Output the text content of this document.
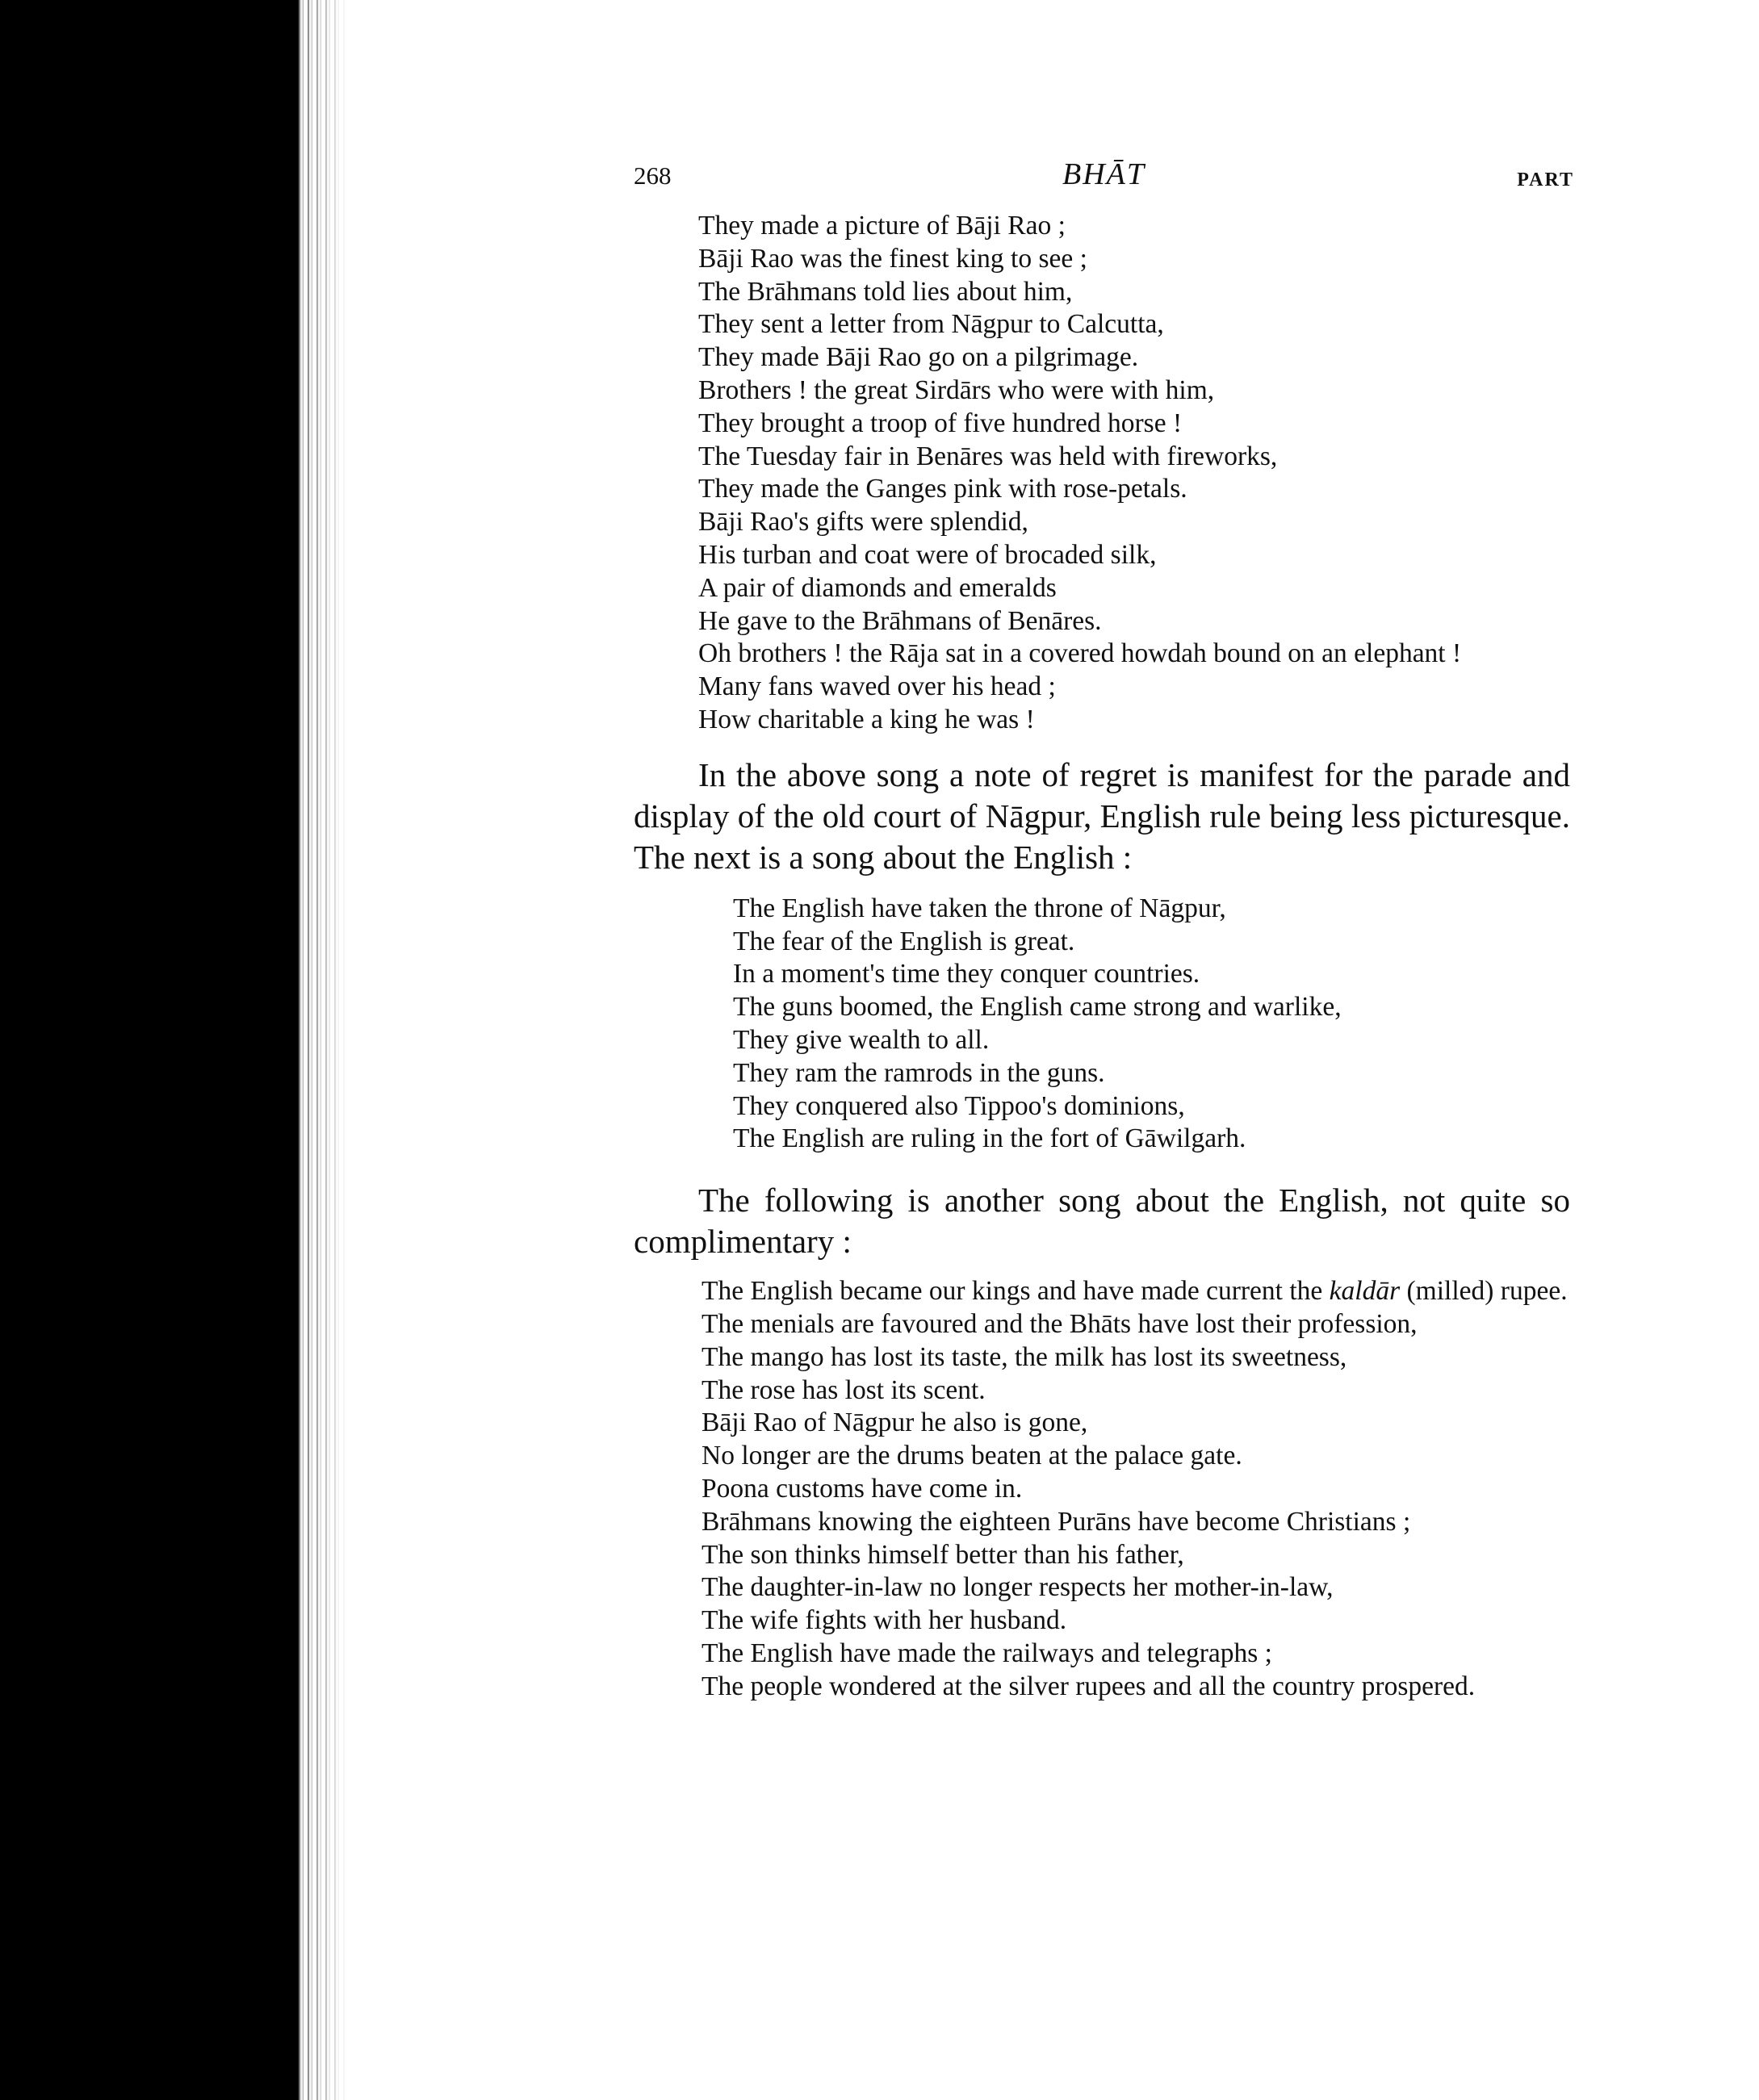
268	BHĀT	PART
They made a picture of Bāji Rao ;
Bāji Rao was the finest king to see ;
The Brāhmans told lies about him,
They sent a letter from Nāgpur to Calcutta,
They made Bāji Rao go on a pilgrimage.
Brothers ! the great Sirdārs who were with him,
They brought a troop of five hundred horse !
The Tuesday fair in Benāres was held with fireworks,
They made the Ganges pink with rose-petals.
Bāji Rao's gifts were splendid,
His turban and coat were of brocaded silk,
A pair of diamonds and emeralds
He gave to the Brāhmans of Benāres.
Oh brothers ! the Rāja sat in a covered howdah bound on an elephant !
Many fans waved over his head ;
How charitable a king he was !

In the above song a note of regret is manifest for the parade and display of the old court of Nāgpur, English rule being less picturesque. The next is a song about the English :

The English have taken the throne of Nāgpur,
The fear of the English is great.
In a moment's time they conquer countries.
The guns boomed, the English came strong and warlike,
They give wealth to all.
They ram the ramrods in the guns.
They conquered also Tippoo's dominions,
The English are ruling in the fort of Gāwilgarh.

The following is another song about the English, not quite so complimentary :

The English became our kings and have made current the kaldār (milled) rupee.
The menials are favoured and the Bhāts have lost their profession,
The mango has lost its taste, the milk has lost its sweetness,
The rose has lost its scent.
Bāji Rao of Nāgpur he also is gone,
No longer are the drums beaten at the palace gate.
Poona customs have come in.
Brāhmans knowing the eighteen Purāns have become Christians ;
The son thinks himself better than his father,
The daughter-in-law no longer respects her mother-in-law,
The wife fights with her husband.
The English have made the railways and telegraphs ;
The people wondered at the silver rupees and all the country prospered.
